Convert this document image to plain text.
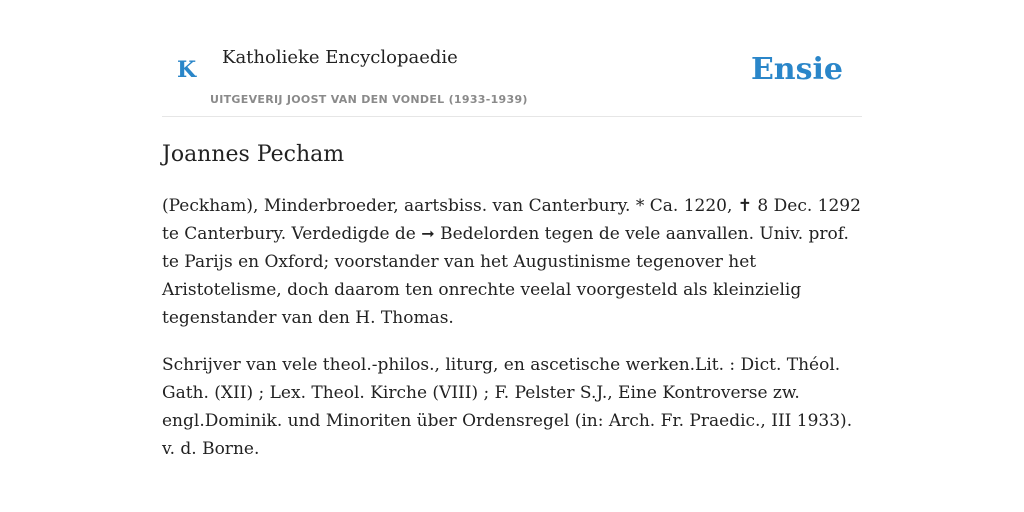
K Katholieke Encyclopaedie
UITGEVERIJ JOOST VAN DEN VONDEL (1933-1939)
Ensie
Joannes Pecham

(Peckham), Minderbroeder, aartsbiss. van Canterbury. * Ca. 1220, ✝ 8 Dec. 1292 te Canterbury. Verdedigde de ➞ Bedelorden tegen de vele aanvallen. Univ. prof. te Parijs en Oxford; voorstander van het Augustinisme tegenover het Aristotelisme, doch daarom ten onrechte veelal voorgesteld als kleinzielig tegenstander van den H. Thomas.

Schrijver van vele theol.-philos., liturg, en ascetische werken.Lit. : Dict. Théol. Gath. (XII) ; Lex. Theol. Kirche (VIII) ; F. Pelster S.J., Eine Kontroverse zw. engl.Dominik. und Minoriten über Ordensregel (in: Arch. Fr. Praedic., III 1933). v. d. Borne.
